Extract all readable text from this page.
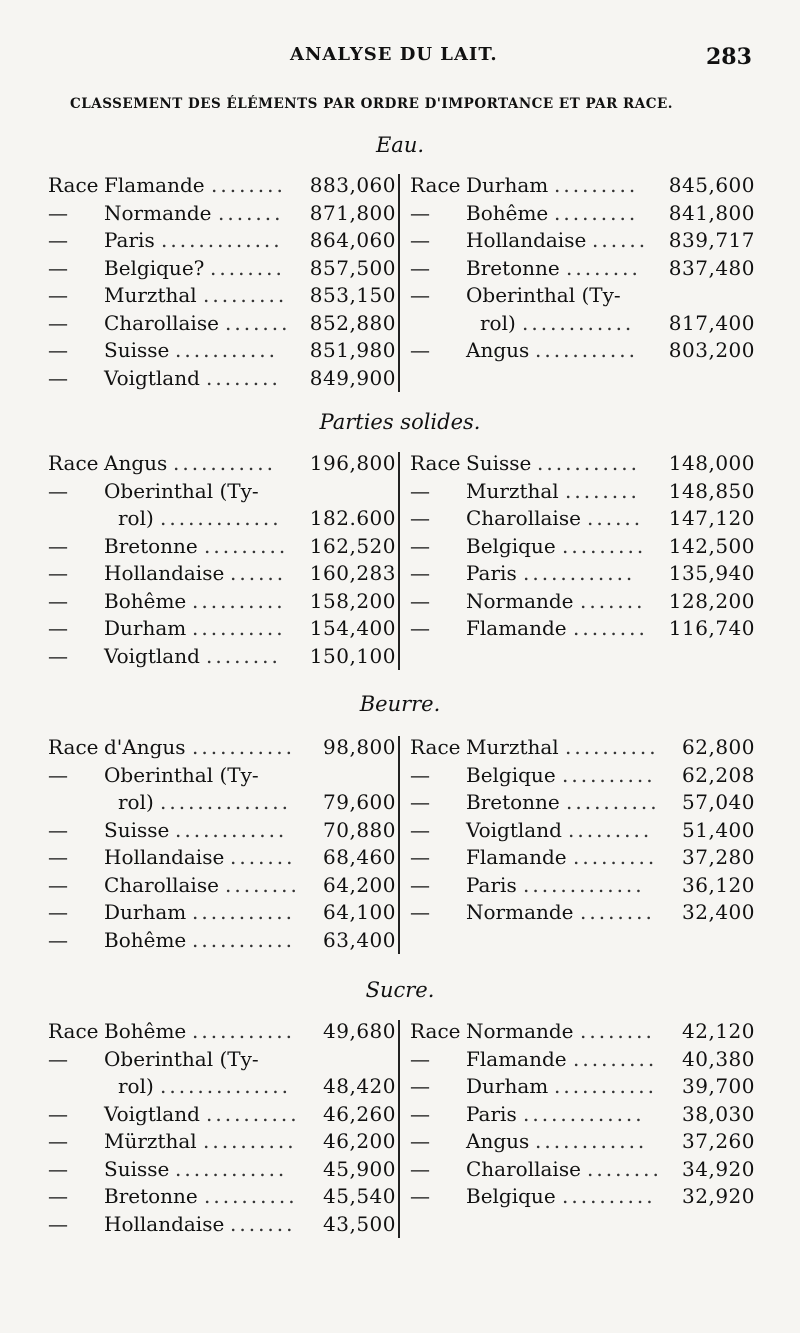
ANALYSE DU LAIT.	283
CLASSEMENT DES ÉLÉMENTS PAR ORDRE D'IMPORTANCE ET PAR RACE.
Eau.
Race Flamande ........ 883,060
— Normande ....... 871,800
— Paris ............. 864,060
— Belgique? ........ 857,500
— Murzthal ......... 853,150
— Charollaise ....... 852,880
— Suisse ........... 851,980
— Voigtland ........ 849,900
Race Durham ......... 845,600
— Bohême ......... 841,800
— Hollandaise ...... 839,717
— Bretonne ........ 837,480
— Oberinthal (Ty-
rol) ............ 817,400
— Angus ........... 803,200
Parties solides.
Race Angus ........... 196,800
— Oberinthal (Ty-
rol) ............. 182.600
— Bretonne ......... 162,520
— Hollandaise ...... 160,283
— Bohême .......... 158,200
— Durham .......... 154,400
— Voigtland ........ 150,100
Race Suisse ........... 148,000
— Murzthal ........ 148,850
— Charollaise ...... 147,120
— Belgique ......... 142,500
— Paris ............ 135,940
— Normande ....... 128,200
— Flamande ........ 116,740
Beurre.
Race d'Angus ........... 98,800
— Oberinthal (Ty-
rol) .............. 79,600
— Suisse ............ 70,880
— Hollandaise ....... 68,460
— Charollaise ........ 64,200
— Durham ........... 64,100
— Bohême ........... 63,400
Race Murzthal .......... 62,800
— Belgique .......... 62,208
— Bretonne .......... 57,040
— Voigtland ......... 51,400
— Flamande ......... 37,280
— Paris ............. 36,120
— Normande ........ 32,400
Sucre.
Race Bohême ........... 49,680
— Oberinthal (Ty-
rol) .............. 48,420
— Voigtland .......... 46,260
— Mürzthal .......... 46,200
— Suisse ............ 45,900
— Bretonne .......... 45,540
— Hollandaise ....... 43,500
Race Normande ........ 42,120
— Flamande ......... 40,380
— Durham ........... 39,700
— Paris ............. 38,030
— Angus ............ 37,260
— Charollaise ........ 34,920
— Belgique .......... 32,920
